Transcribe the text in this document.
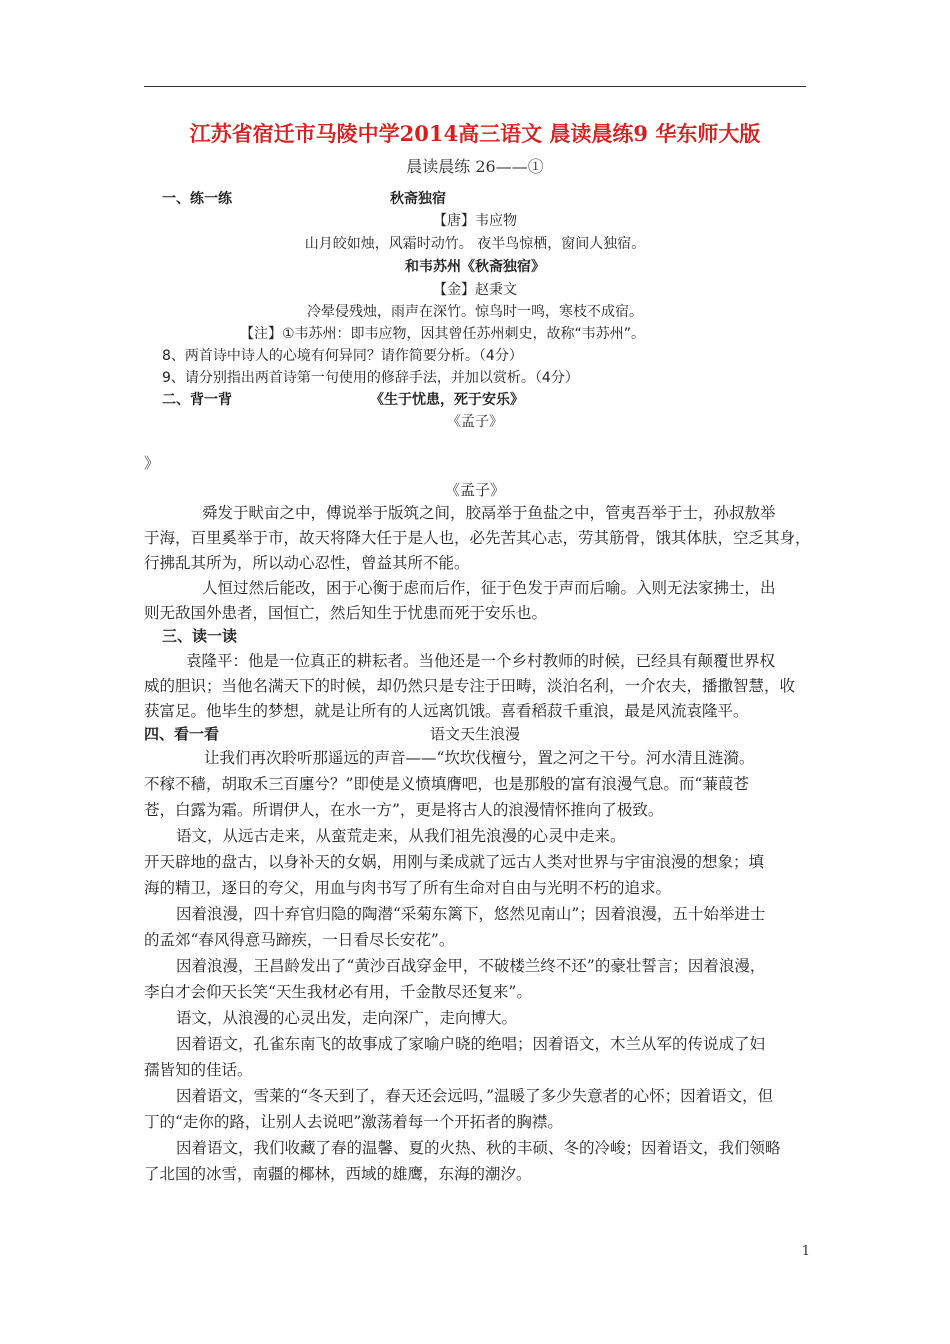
江苏省宿迁市马陵中学2014高三语文 晨读晨练9 华东师大版
晨读晨练 26——①
一、练一练	秋斋独宿
【唐】韦应物
山月皎如烛，风霜时动竹。 夜半鸟惊栖，窗间人独宿。
和韦苏州《秋斋独宿》
【金】赵秉文
冷晕侵残烛，雨声在深竹。惊鸟时一鸣，寒枝不成宿。
【注】①韦苏州：即韦应物，因其曾任苏州刺史，故称“韦苏州”。
8、两首诗中诗人的心境有何异同？请作简要分析。（4分）
9、请分别指出两首诗第一句使用的修辞手法，并加以赏析。（4分）
二、背一背	《生于忧患，死于安乐》
《孟子》
》
《孟子》
舜发于畎亩之中，傅说举于版筑之间，胶鬲举于鱼盐之中，管夷吾举于士，孙叔敖举
于海，百里奚举于市，故天将降大任于是人也，必先苦其心志，劳其筋骨，饿其体肤，空乏其身，
行拂乱其所为，所以动心忍性，曾益其所不能。
人恒过然后能改，困于心衡于虑而后作，征于色发于声而后喻。入则无法家拂士，出
则无敌国外患者，国恒亡，然后知生于忧患而死于安乐也。
三、读一读
袁隆平：他是一位真正的耕耘者。当他还是一个乡村教师的时候，已经具有颠覆世界权
威的胆识；当他名满天下的时候，却仍然只是专注于田畴，淡泊名利，一介农夫，播撒智慧，收
获富足。他毕生的梦想，就是让所有的人远离饥饿。喜看稻菽千重浪，最是风流袁隆平。
四、看一看	语文天生浪漫
让我们再次聆听那遥远的声音——“坎坎伐檀兮，置之河之干兮。河水清且涟漪。
不稼不穑，胡取禾三百廛兮？”即使是义愤填膺吧，也是那般的富有浪漫气息。而“蒹葭苍
苍，白露为霜。所谓伊人，在水一方”，更是将古人的浪漫情怀推向了极致。
语文，从远古走来，从蛮荒走来，从我们祖先浪漫的心灵中走来。
开天辟地的盘古，以身补天的女娲，用刚与柔成就了远古人类对世界与宇宙浪漫的想象；填
海的精卫，逐日的夸父，用血与肉书写了所有生命对自由与光明不朽的追求。
因着浪漫，四十弃官归隐的陶潜“采菊东篱下，悠然见南山”；因着浪漫，五十始举进士
的孟郊“春风得意马蹄疾，一日看尽长安花”。
因着浪漫，王昌龄发出了“黄沙百战穿金甲，不破楼兰终不还”的豪壮誓言；因着浪漫，
李白才会仰天长笑“天生我材必有用，千金散尽还复来”。
语文，从浪漫的心灵出发，走向深广，走向博大。
因着语文，孔雀东南飞的故事成了家喻户晓的绝唱；因着语文，木兰从军的传说成了妇
孺皆知的佳话。
因着语文，雪莱的“冬天到了，春天还会远吗，”温暖了多少失意者的心怀；因着语文，但
丁的“走你的路，让别人去说吧”激荡着每一个开拓者的胸襟。
因着语文，我们收藏了春的温馨、夏的火热、秋的丰硕、冬的冷峻；因着语文，我们领略
了北国的冰雪，南疆的椰林，西域的雄鹰，东海的潮汐。
1
